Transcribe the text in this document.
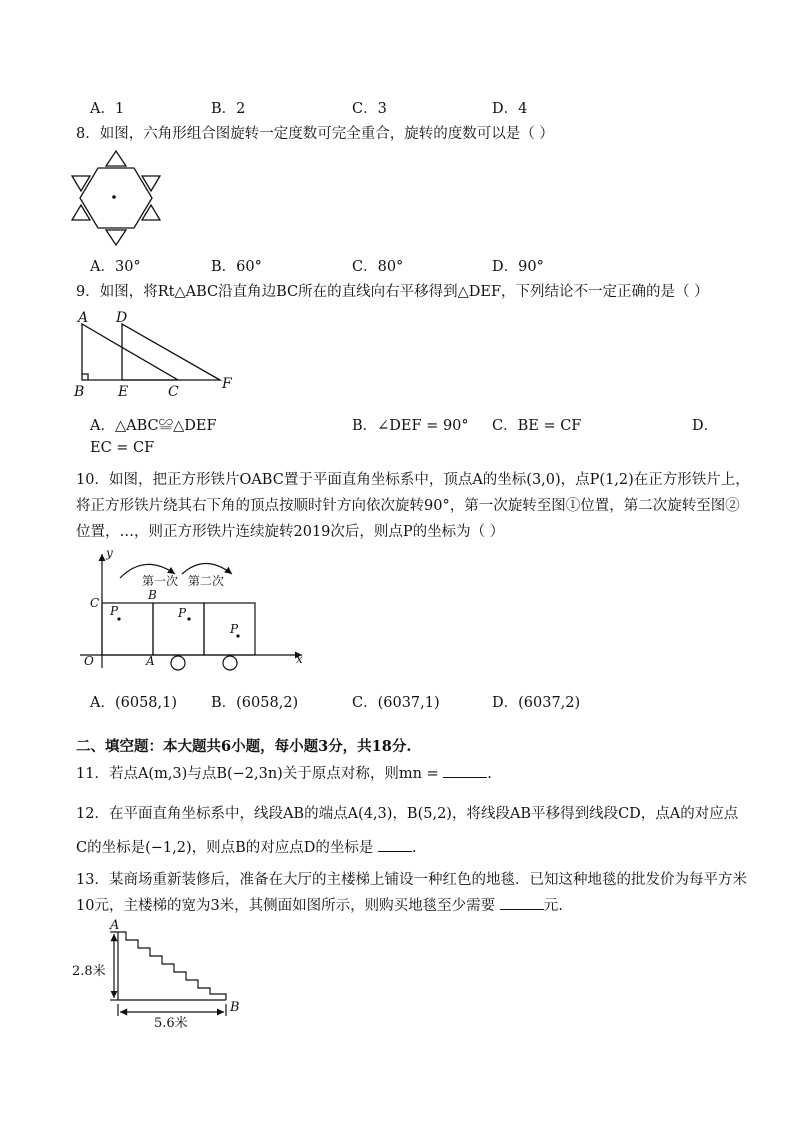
A．1	B．2	C．3	D．4
8．如图，六角形组合图旋转一定度数可完全重合，旋转的度数可以是（ ）
A．30°	B．60°	C．80°	D．90°
9．如图，将Rt△ABC沿直角边BC所在的直线向右平移得到△DEF，下列结论不一定正确的是（ ）
A D
B E	C	F
A．△ABC≌△DEF	B．∠DEF = 90° C．BE = CF	D．
EC = CF
10．如图，把正方形铁片OABC置于平面直角坐标系中，顶点A的坐标(3,0)，点P(1,2)在正方形铁片上，
将正方形铁片绕其右下角的顶点按顺时针方向依次旋转90°，第一次旋转至图①位置，第二次旋转至图②
位置，…，则正方形铁片连续旋转2019次后，则点P的坐标为（ ）
y
x
O	A
B
C
P	P
P
第一次 第二次
A．(6058,1) B．(6058,2)	C．(6037,1)	D．(6037,2)
二、填空题：本大题共6小题，每小题3分，共18分.
11．若点A(m,3)与点B(−2,3n)关于原点对称，则mn =	.
12．在平面直角坐标系中，线段AB的端点A(4,3)，B(5,2)，将线段AB平移得到线段CD，点A的对应点
C的坐标是(−1,2)，则点B的对应点D的坐标是	.
13．某商场重新装修后，准备在大厅的主楼梯上铺设一种红色的地毯．已知这种地毯的批发价为每平方米
10元，主楼梯的宽为3米，其侧面如图所示，则购买地毯至少需要	元.
A
B
2.8米
5.6米
